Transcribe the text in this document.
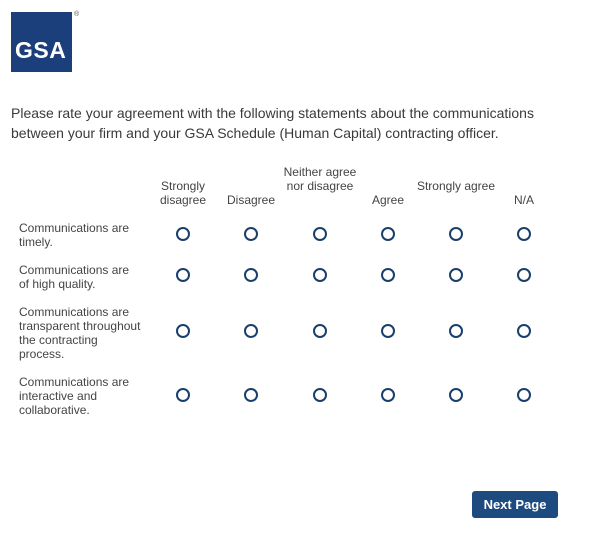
GSA
®
Please rate your agreement with the following statements about the communications between your firm and your GSA Schedule (Human Capital) contracting officer.
Strongly disagree	Disagree
Neither agree nor disagree
Agree
Strongly agree
N/A
Communications are timely.
Communications are of high quality.
Communications are transparent throughout the contracting process.
Communications are interactive and collaborative.
Next Page
